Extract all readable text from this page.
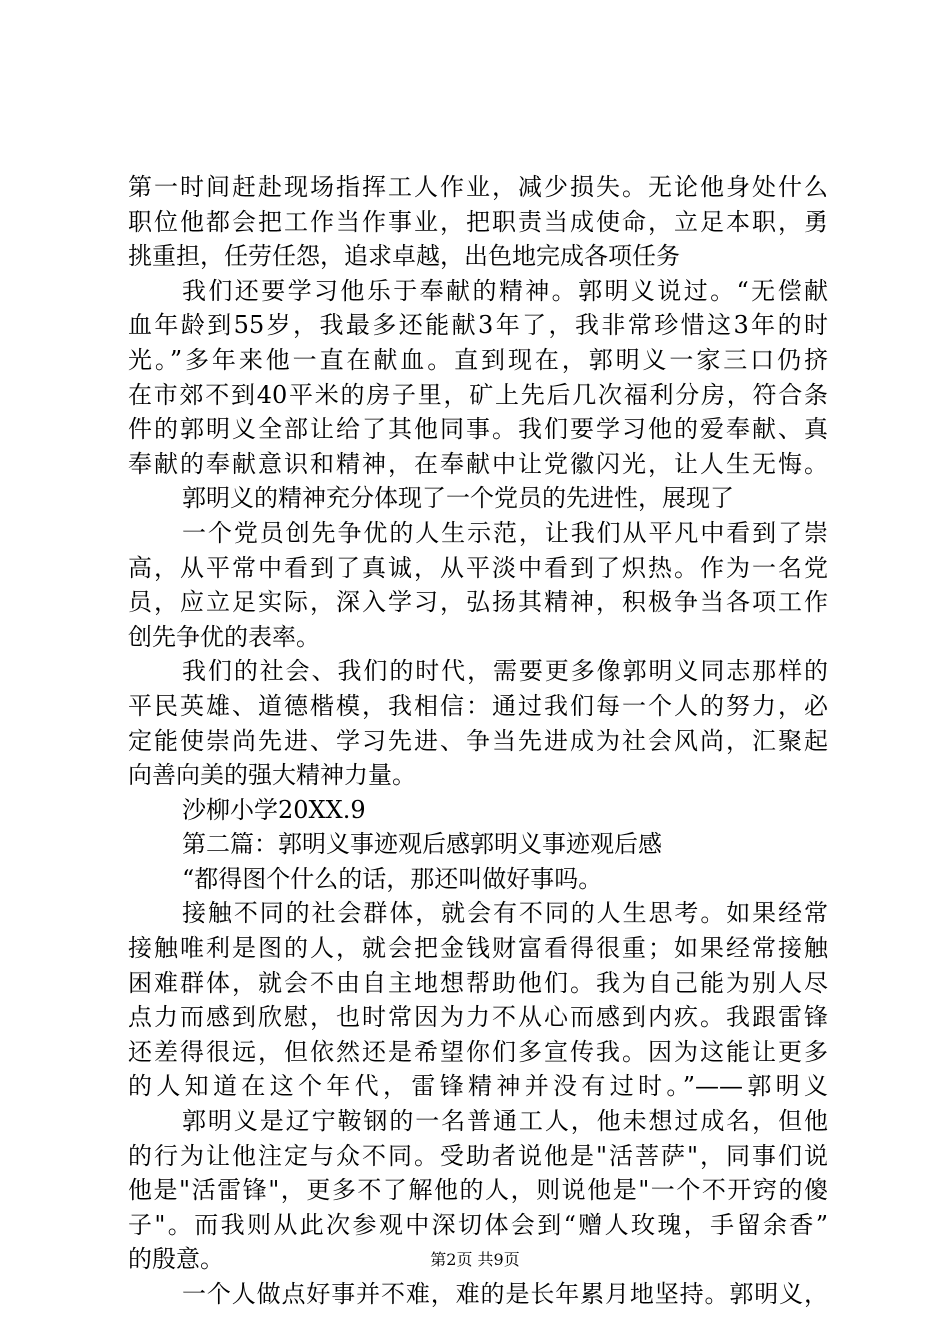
第一时间赶赴现场指挥工人作业，减少损失。无论他身处什么
职位他都会把工作当作事业，把职责当成使命，立足本职，勇
挑重担，任劳任怨，追求卓越，出色地完成各项任务
我们还要学习他乐于奉献的精神。郭明义说过。“无偿献
血年龄到55岁，我最多还能献3年了，我非常珍惜这3年的时
光。”多年来他一直在献血。直到现在，郭明义一家三口仍挤
在市郊不到40平米的房子里，矿上先后几次福利分房，符合条
件的郭明义全部让给了其他同事。我们要学习他的爱奉献、真
奉献的奉献意识和精神，在奉献中让党徽闪光，让人生无悔。
郭明义的精神充分体现了一个党员的先进性，展现了
一个党员创先争优的人生示范，让我们从平凡中看到了崇
高，从平常中看到了真诚，从平淡中看到了炽热。作为一名党
员，应立足实际，深入学习，弘扬其精神，积极争当各项工作
创先争优的表率。
我们的社会、我们的时代，需要更多像郭明义同志那样的
平民英雄、道德楷模，我相信：通过我们每一个人的努力，必
定能使崇尚先进、学习先进、争当先进成为社会风尚，汇聚起
向善向美的强大精神力量。
沙柳小学20XX.9
第二篇：郭明义事迹观后感郭明义事迹观后感
“都得图个什么的话，那还叫做好事吗。
接触不同的社会群体，就会有不同的人生思考。如果经常
接触唯利是图的人，就会把金钱财富看得很重；如果经常接触
困难群体，就会不由自主地想帮助他们。我为自己能为别人尽
点力而感到欣慰，也时常因为力不从心而感到内疚。我跟雷锋
还差得很远，但依然还是希望你们多宣传我。因为这能让更多
的人知道在这个年代，雷锋精神并没有过时。”——郭明义
郭明义是辽宁鞍钢的一名普通工人，他未想过成名，但他
的行为让他注定与众不同。受助者说他是"活菩萨"，同事们说
他是"活雷锋"，更多不了解他的人，则说他是"一个不开窍的傻
子"。而我则从此次参观中深切体会到“赠人玫瑰，手留余香”
的殷意。
一个人做点好事并不难，难的是长年累月地坚持。郭明义，
第2页 共9页
